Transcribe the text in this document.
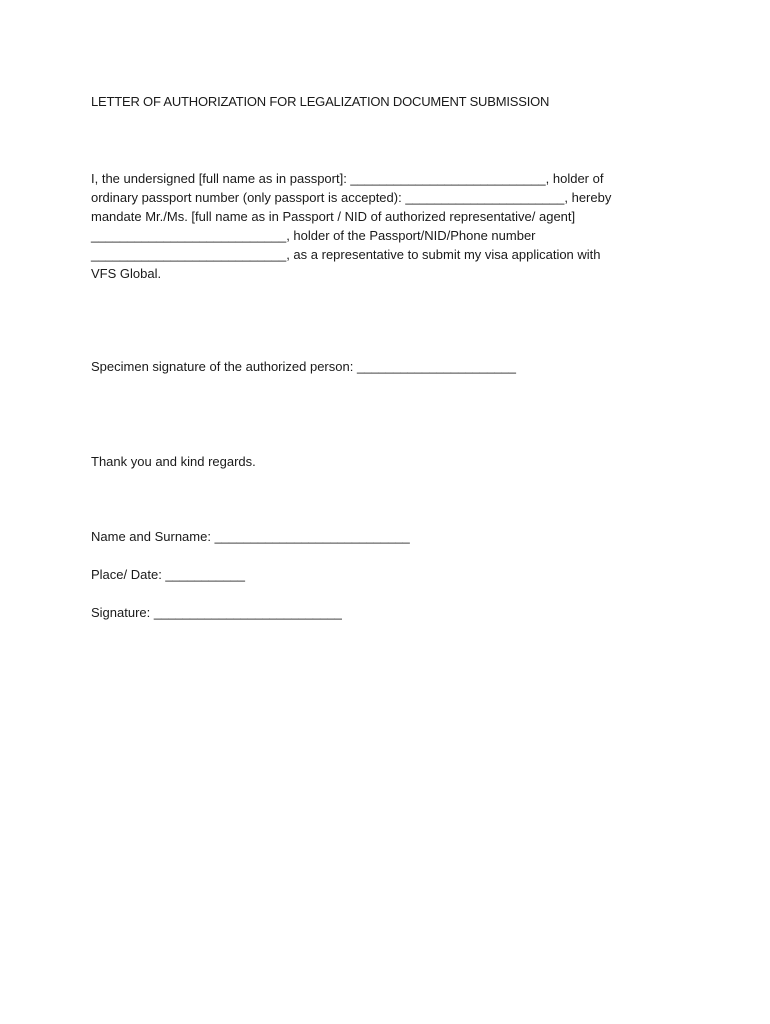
LETTER OF AUTHORIZATION FOR LEGALIZATION DOCUMENT SUBMISSION
I, the undersigned [full name as in passport]: ___________________________, holder of
ordinary passport number (only passport is accepted): ______________________, hereby
mandate Mr./Ms. [full name as in Passport / NID of authorized representative/ agent]
___________________________, holder of the Passport/NID/Phone number
___________________________, as a representative to submit my visa application with
VFS Global.
Specimen signature of the authorized person: ______________________
Thank you and kind regards.
Name and Surname: ___________________________
Place/ Date: ___________
Signature: __________________________
